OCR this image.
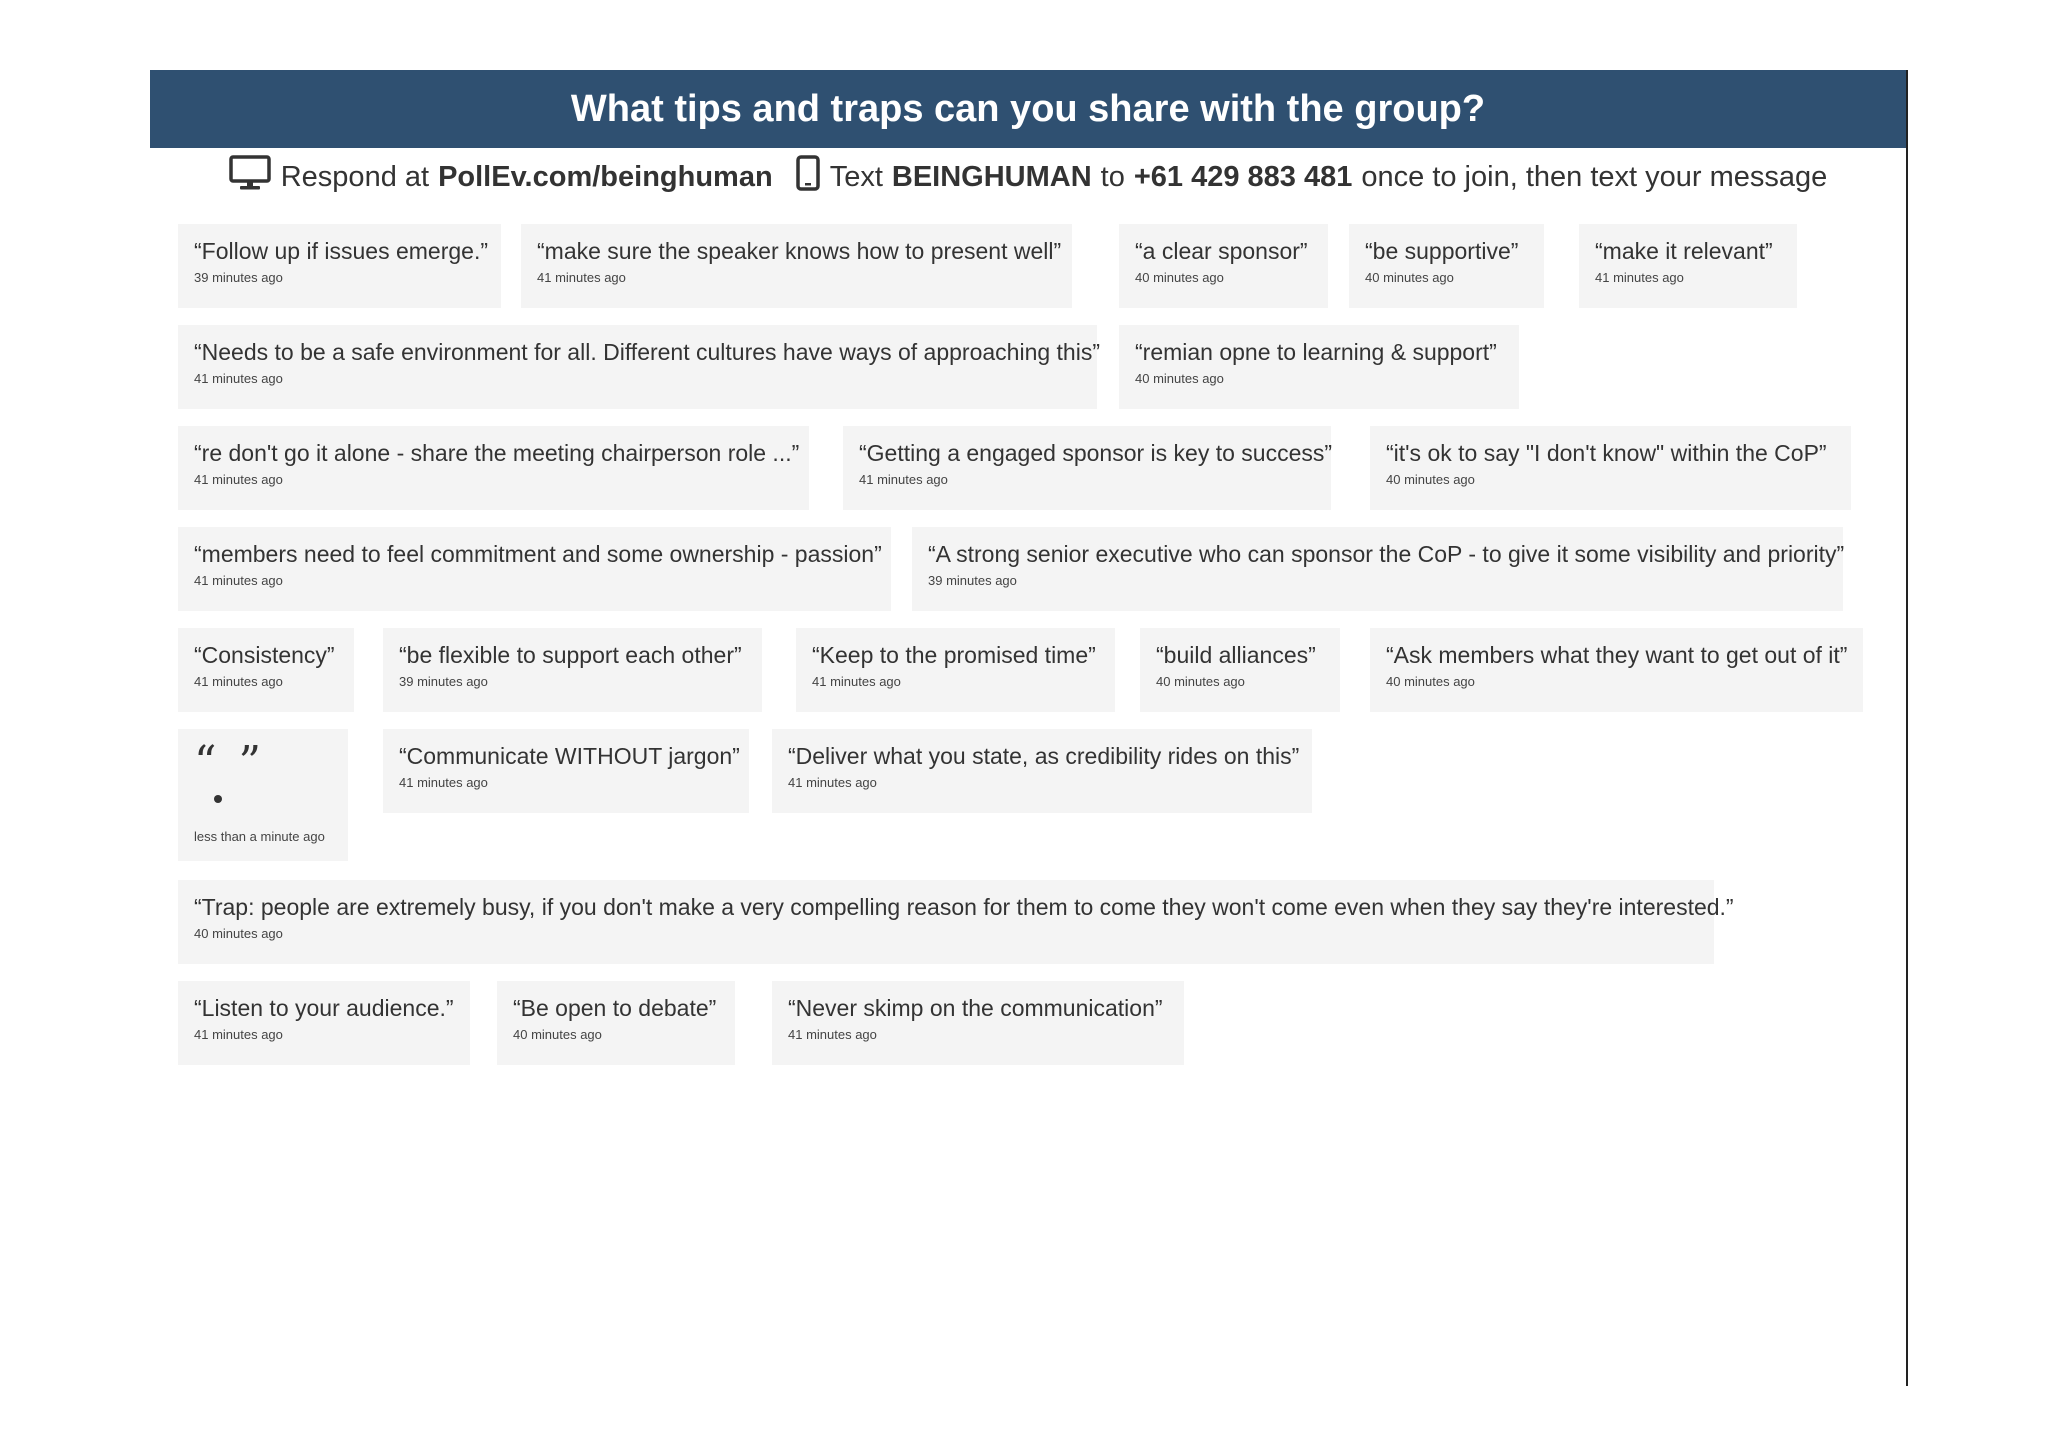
What tips and traps can you share with the group?
Respond at PollEv.com/beinghuman Text BEINGHUMAN to +61 429 883 481 once to join, then text your message
“Follow up if issues emerge.”
39 minutes ago
“make sure the speaker knows how to present well”
41 minutes ago
“a clear sponsor”
40 minutes ago
“be supportive”
40 minutes ago
“make it relevant”
41 minutes ago
“Needs to be a safe environment for all. Different cultures have ways of approaching this”
41 minutes ago
“remian opne to learning & support”
40 minutes ago
“re don't go it alone - share the meeting chairperson role ...”
41 minutes ago
“Getting a engaged sponsor is key to success”
41 minutes ago
“it's ok to say "I don't know" within the CoP”
40 minutes ago
“members need to feel commitment and some ownership - passion”
41 minutes ago
“A strong senior executive who can sponsor the CoP - to give it some visibility and priority”
39 minutes ago
“Consistency”
41 minutes ago
“be flexible to support each other”
39 minutes ago
“Keep to the promised time”
41 minutes ago
“build alliances”
40 minutes ago
“Ask members what they want to get out of it”
40 minutes ago
“ ”
less than a minute ago
“Communicate WITHOUT jargon”
41 minutes ago
“Deliver what you state, as credibility rides on this”
41 minutes ago
“Trap: people are extremely busy, if you don't make a very compelling reason for them to come they won't come even when they say they're interested.”
40 minutes ago
“Listen to your audience.”
41 minutes ago
“Be open to debate”
40 minutes ago
“Never skimp on the communication”
41 minutes ago
